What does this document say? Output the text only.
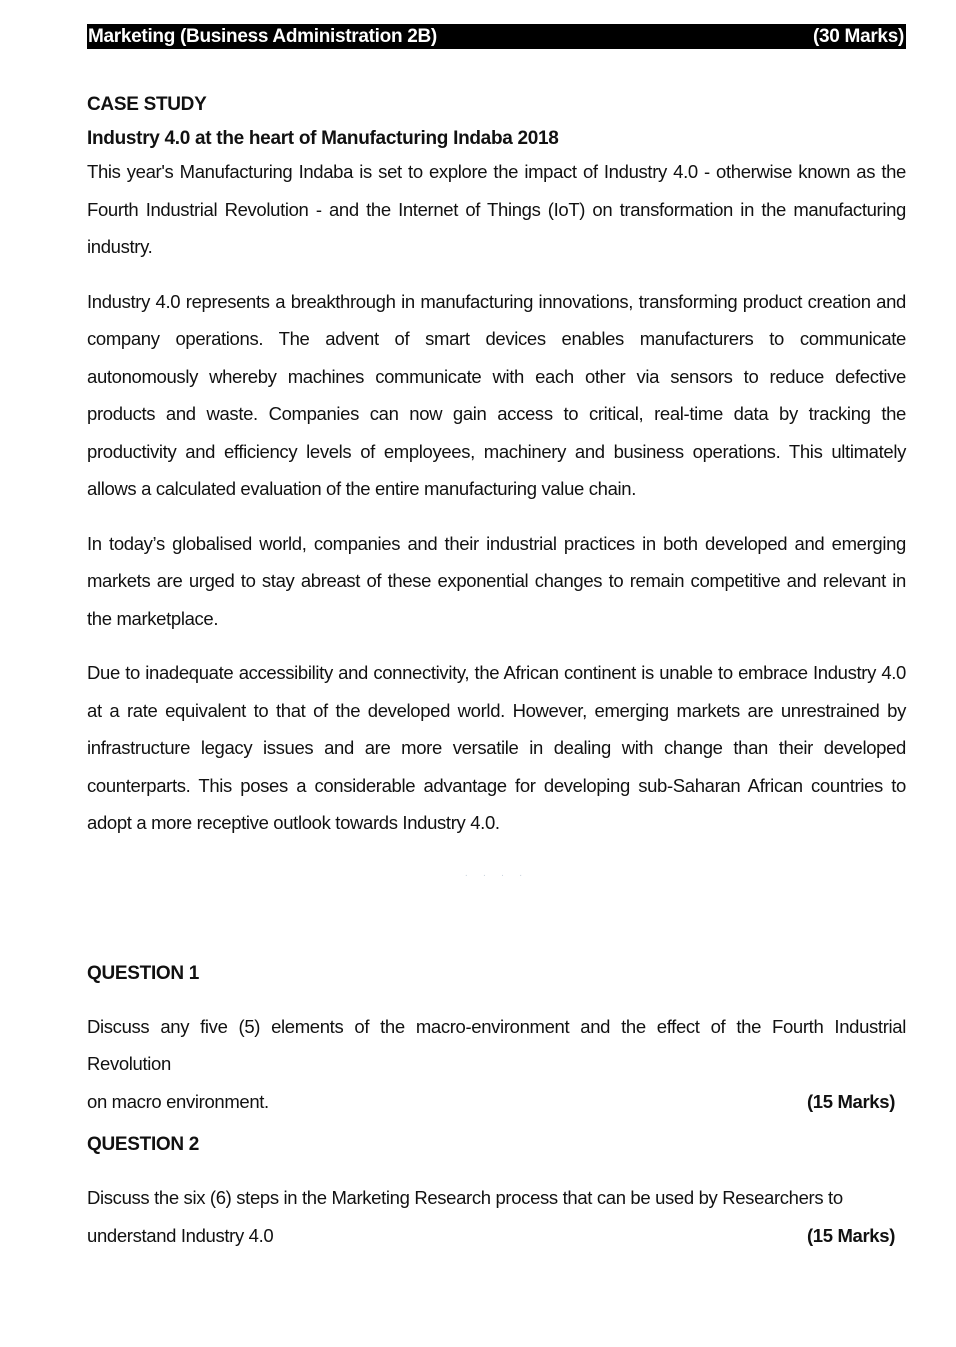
Marketing (Business Administration 2B)	(30 Marks)

CASE STUDY

Industry 4.0 at the heart of Manufacturing Indaba 2018

This year's Manufacturing Indaba is set to explore the impact of Industry 4.0 - otherwise known as the Fourth Industrial Revolution - and the Internet of Things (IoT) on transformation in the manufacturing industry.

Industry 4.0 represents a breakthrough in manufacturing innovations, transforming product creation and company operations. The advent of smart devices enables manufacturers to communicate autonomously whereby machines communicate with each other via sensors to reduce defective products and waste. Companies can now gain access to critical, real-time data by tracking the productivity and efficiency levels of employees, machinery and business operations. This ultimately allows a calculated evaluation of the entire manufacturing value chain.

In today’s globalised world, companies and their industrial practices in both developed and emerging markets are urged to stay abreast of these exponential changes to remain competitive and relevant in the marketplace.

Due to inadequate accessibility and connectivity, the African continent is unable to embrace Industry 4.0 at a rate equivalent to that of the developed world. However, emerging markets are unrestrained by infrastructure legacy issues and are more versatile in dealing with change than their developed counterparts. This poses a considerable advantage for developing sub-Saharan African countries to adopt a more receptive outlook towards Industry 4.0.

· · · ·

QUESTION 1

Discuss any five (5) elements of the macro-environment and the effect of the Fourth Industrial Revolution

on macro environment.	(15 Marks)

QUESTION 2

Discuss the six (6) steps in the Marketing Research process that can be used by Researchers to

understand Industry 4.0	(15 Marks)
